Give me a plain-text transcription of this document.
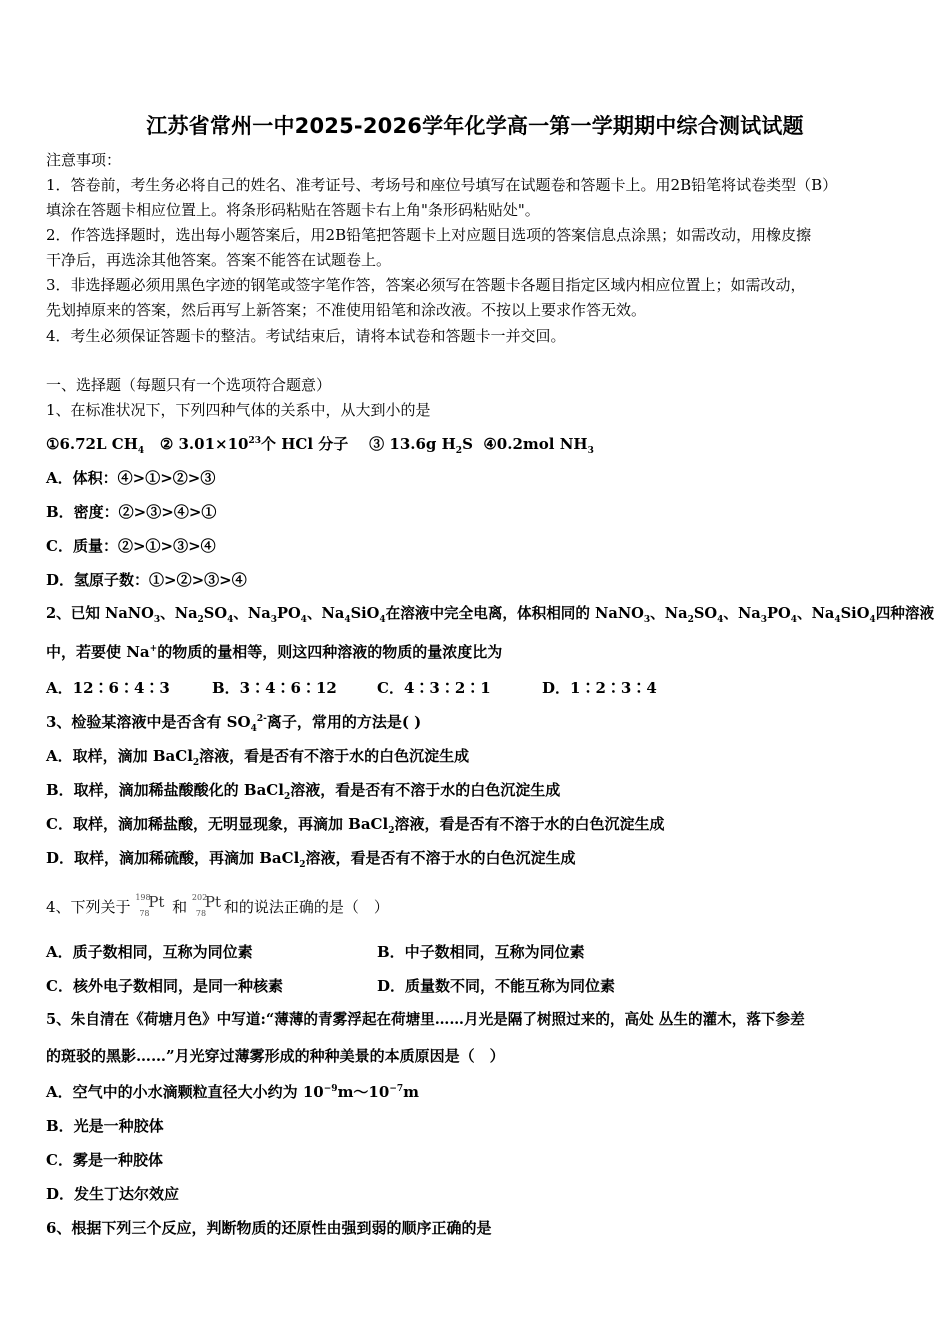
江苏省常州一中2025-2026学年化学高一第一学期期中综合测试试题
注意事项：
1．答卷前，考生务必将自己的姓名、准考证号、考场号和座位号填写在试题卷和答题卡上。用2B铅笔将试卷类型（B）
填涂在答题卡相应位置上。将条形码粘贴在答题卡右上角"条形码粘贴处"。
2．作答选择题时，选出每小题答案后，用2B铅笔把答题卡上对应题目选项的答案信息点涂黑；如需改动，用橡皮擦
干净后，再选涂其他答案。答案不能答在试题卷上。
3．非选择题必须用黑色字迹的钢笔或签字笔作答，答案必须写在答题卡各题目指定区域内相应位置上；如需改动，
先划掉原来的答案，然后再写上新答案；不准使用铅笔和涂改液。不按以上要求作答无效。
4．考生必须保证答题卡的整洁。考试结束后，请将本试卷和答题卡一并交回。
一、选择题（每题只有一个选项符合题意）
1、在标准状况下，下列四种气体的关系中，从大到小的是
①6.72L $CH_4$ ② $3.01\times 10^{23}$个 HCl 分子 ③ 13.6g $H_2S$ ④0.2mol $NH_3$
A．体积：④>①>②>③
B．密度：②>③>④>①
C．质量：②>①>③>④
D．氢原子数：①>②>③>④
2、已知 NaNO$_3$、$Na_2SO_4$、$Na_3PO_4$、$Na_4SiO_4$在溶液中完全电离，体积相同的 NaNO$_3$、$Na_2SO_4$、$Na_3PO_4$、$Na_4SiO_4$四种溶液
中，若要使 Na+的物质的量相等，则这四种溶液的物质的量浓度比为
A．12∶6∶4∶3	B．3∶4∶6∶12	C．4∶3∶2∶1	D．1∶2∶3∶4
3、检验某溶液中是否含有 $SO_4^{2-}$离子，常用的方法是( )
A．取样，滴加 BaCl$_2$溶液，看是否有不溶于水的白色沉淀生成
B．取样，滴加稀盐酸酸化的 BaCl$_2$溶液，看是否有不溶于水的白色沉淀生成
C．取样，滴加稀盐酸，无明显现象，再滴加 BaCl$_2$溶液，看是否有不溶于水的白色沉淀生成
D．取样，滴加稀硫酸，再滴加 BaCl$_2$溶液，看是否有不溶于水的白色沉淀生成
4、下列关于
198
78
Pt 和
202
78
Pt 和的说法正确的是（　）
A．质子数相同，互称为同位素	B．中子数相同，互称为同位素
C．核外电子数相同，是同一种核素	D．质量数不同，不能互称为同位素
5、朱自清在《荷塘月色》中写道:“薄薄的青雾浮起在荷塘里……月光是隔了树照过来的，高处 丛生的灌木，落下参差
的斑驳的黑影……”月光穿过薄雾形成的种种美景的本质原因是（　）
A．空气中的小水滴颗粒直径大小约为 $10^{-9}m\sim 10^{-7}m$
B．光是一种胶体
C．雾是一种胶体
D．发生丁达尔效应
6、根据下列三个反应，判断物质的还原性由强到弱的顺序正确的是
